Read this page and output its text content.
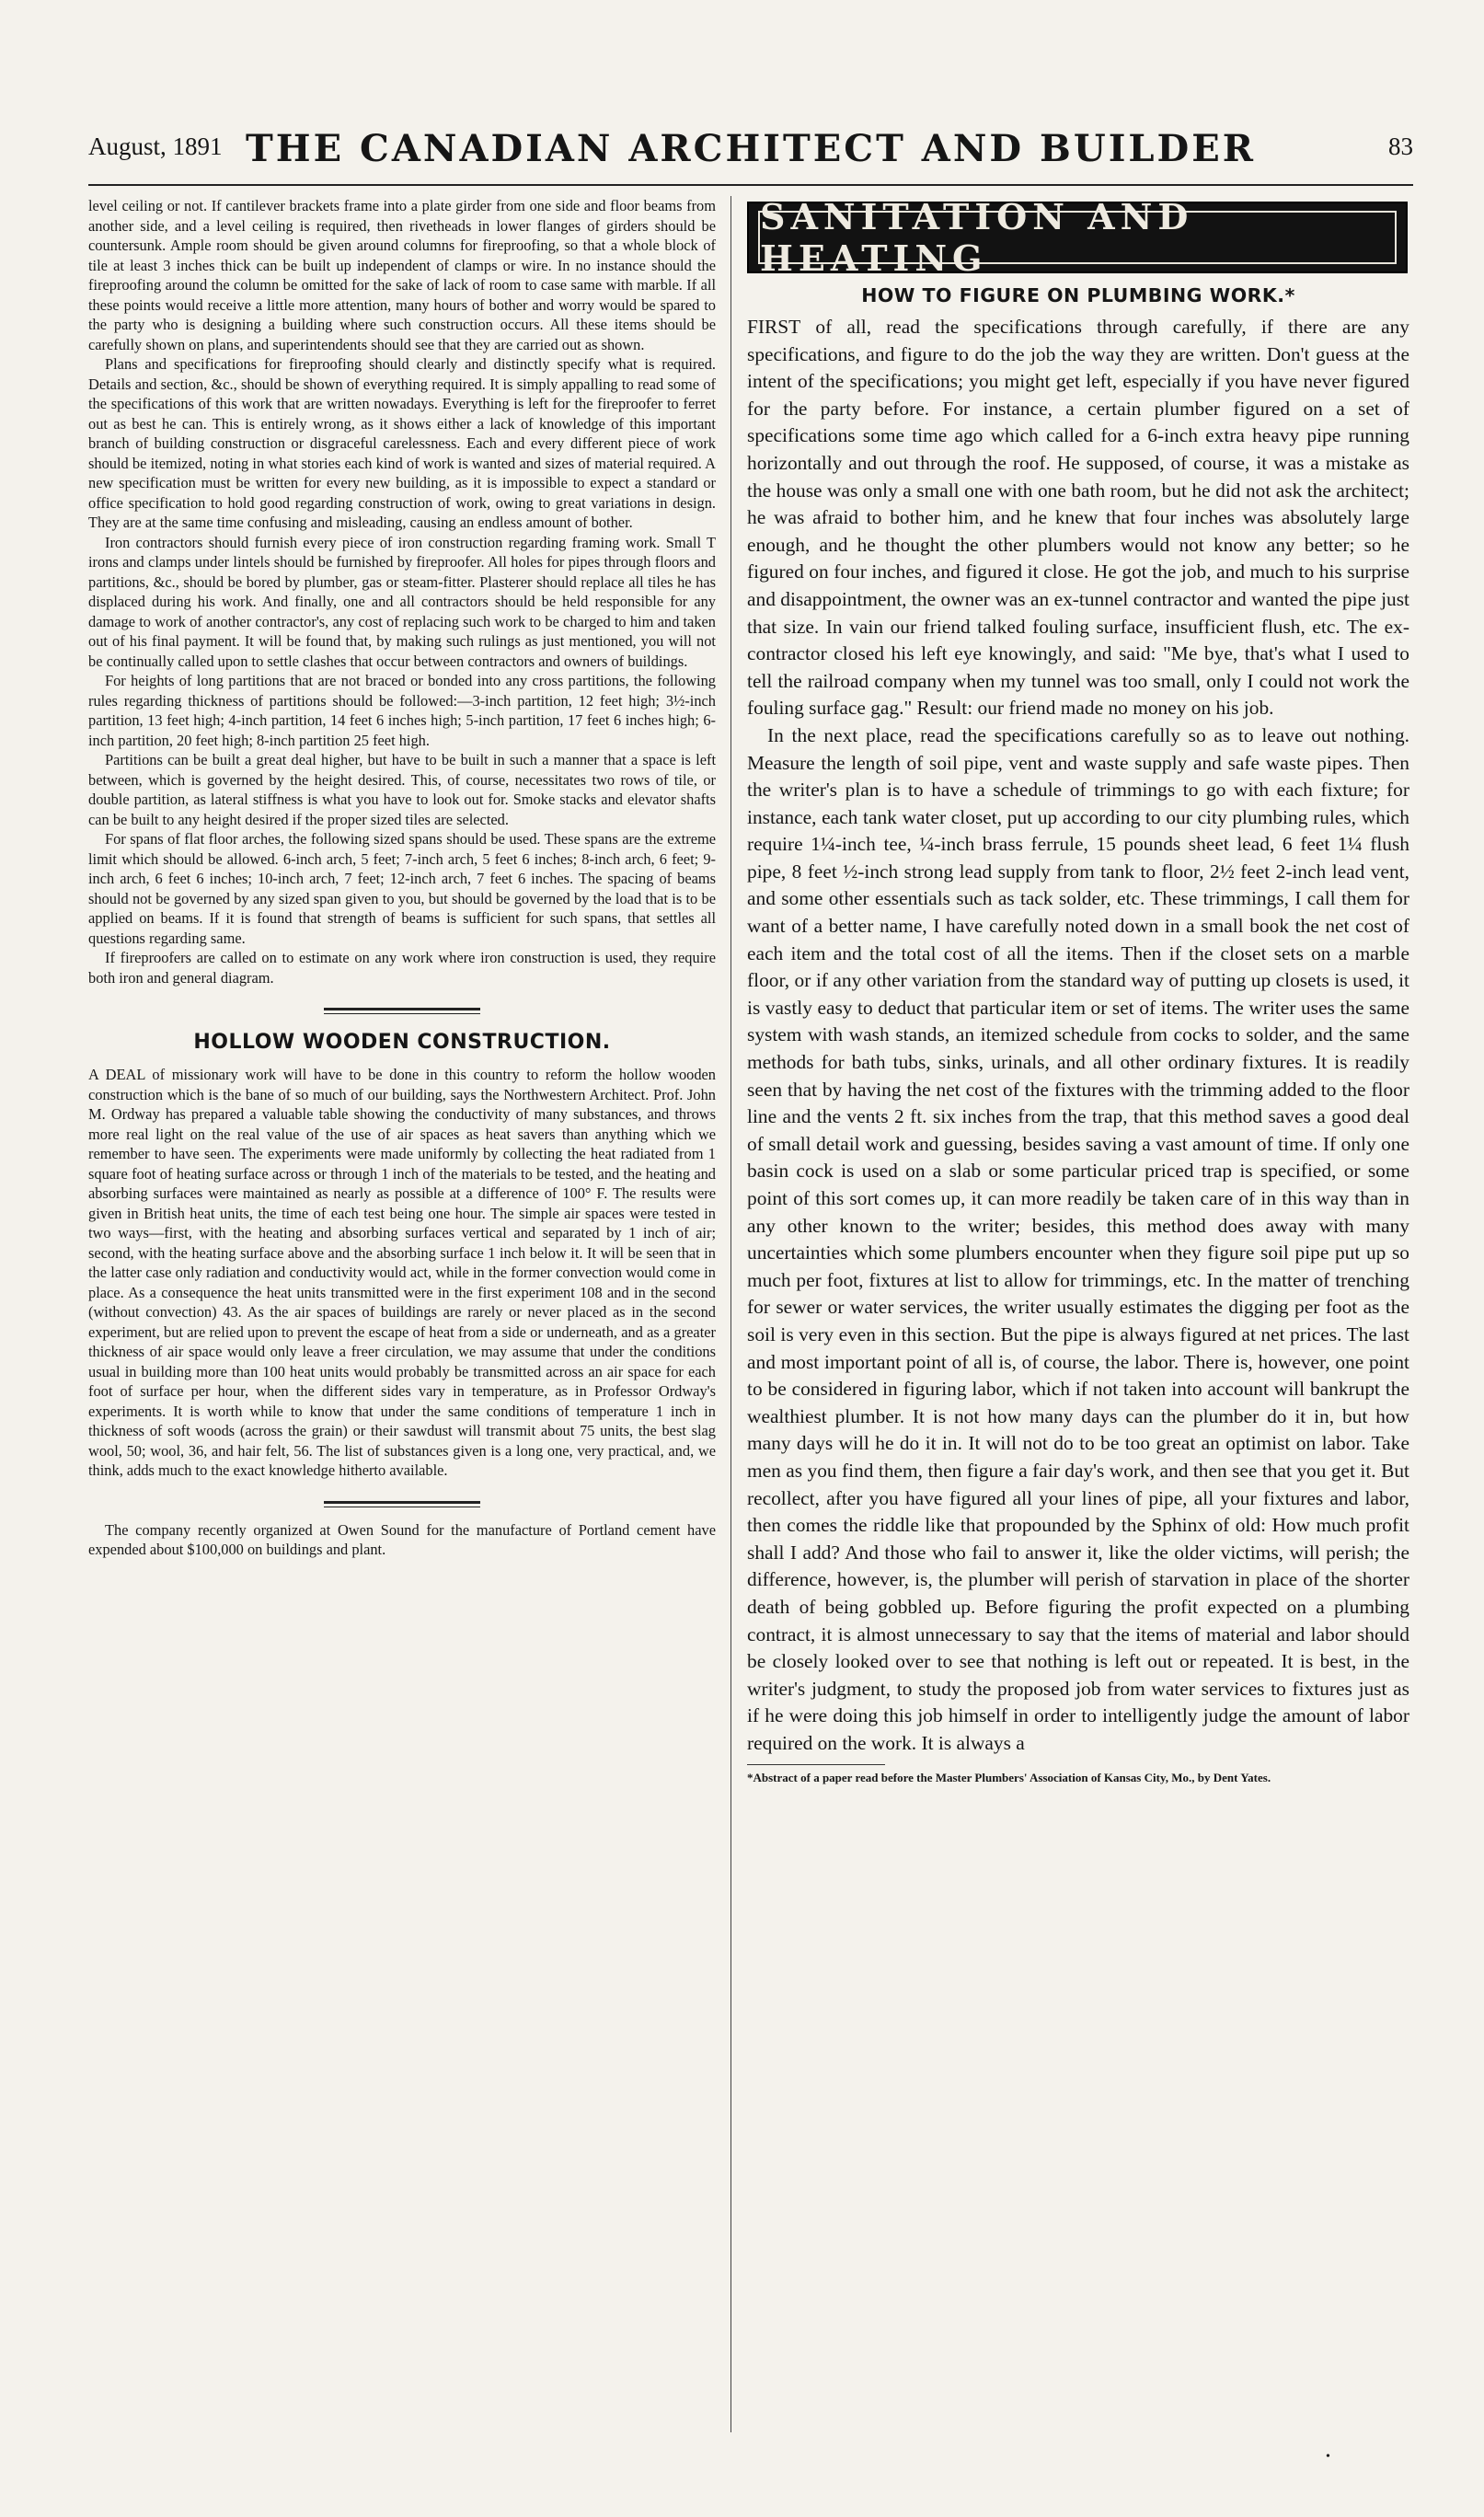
August, 1891 THE CANADIAN ARCHITECT AND BUILDER	83

level ceiling or not. If cantilever brackets frame into a plate girder from one side and floor beams from another side, and a level ceiling is required, then rivetheads in lower flanges of girders should be countersunk. Ample room should be given around columns for fireproofing, so that a whole block of tile at least 3 inches thick can be built up independent of clamps or wire. In no instance should the fireproofing around the column be omitted for the sake of lack of room to case same with marble. If all these points would receive a little more attention, many hours of bother and worry would be spared to the party who is designing a building where such construction occurs. All these items should be carefully shown on plans, and superintendents should see that they are carried out as shown.

Plans and specifications for fireproofing should clearly and distinctly specify what is required. Details and section, &c., should be shown of everything required. It is simply appalling to read some of the specifications of this work that are written nowadays. Everything is left for the fireproofer to ferret out as best he can. This is entirely wrong, as it shows either a lack of knowledge of this important branch of building construction or disgraceful carelessness. Each and every different piece of work should be itemized, noting in what stories each kind of work is wanted and sizes of material required. A new specification must be written for every new building, as it is impossible to expect a standard or office specification to hold good regarding construction of work, owing to great variations in design. They are at the same time confusing and misleading, causing an endless amount of bother.

Iron contractors should furnish every piece of iron construction regarding framing work. Small T irons and clamps under lintels should be furnished by fireproofer. All holes for pipes through floors and partitions, &c., should be bored by plumber, gas or steam-fitter. Plasterer should replace all tiles he has displaced during his work. And finally, one and all contractors should be held responsible for any damage to work of another contractor's, any cost of replacing such work to be charged to him and taken out of his final payment. It will be found that, by making such rulings as just mentioned, you will not be continually called upon to settle clashes that occur between contractors and owners of buildings.

For heights of long partitions that are not braced or bonded into any cross partitions, the following rules regarding thickness of partitions should be followed:—3-inch partition, 12 feet high; 3½-inch partition, 13 feet high; 4-inch partition, 14 feet 6 inches high; 5-inch partition, 17 feet 6 inches high; 6-inch partition, 20 feet high; 8-inch partition 25 feet high.

Partitions can be built a great deal higher, but have to be built in such a manner that a space is left between, which is governed by the height desired. This, of course, necessitates two rows of tile, or double partition, as lateral stiffness is what you have to look out for. Smoke stacks and elevator shafts can be built to any height desired if the proper sized tiles are selected.

For spans of flat floor arches, the following sized spans should be used. These spans are the extreme limit which should be allowed. 6-inch arch, 5 feet; 7-inch arch, 5 feet 6 inches; 8-inch arch, 6 feet; 9-inch arch, 6 feet 6 inches; 10-inch arch, 7 feet; 12-inch arch, 7 feet 6 inches. The spacing of beams should not be governed by any sized span given to you, but should be governed by the load that is to be applied on beams. If it is found that strength of beams is sufficient for such spans, that settles all questions regarding same.

If fireproofers are called on to estimate on any work where iron construction is used, they require both iron and general diagram.

HOLLOW WOODEN CONSTRUCTION.

A DEAL of missionary work will have to be done in this country to reform the hollow wooden construction which is the bane of so much of our building, says the Northwestern Architect. Prof. John M. Ordway has prepared a valuable table showing the conductivity of many substances, and throws more real light on the real value of the use of air spaces as heat savers than anything which we remember to have seen. The experiments were made uniformly by collecting the heat radiated from 1 square foot of heating surface across or through 1 inch of the materials to be tested, and the heating and absorbing surfaces were maintained as nearly as possible at a difference of 100° F. The results were given in British heat units, the time of each test being one hour. The simple air spaces were tested in two ways—first, with the heating and absorbing surfaces vertical and separated by 1 inch of air; second, with the heating surface above and the absorbing surface 1 inch below it. It will be seen that in the latter case only radiation and conductivity would act, while in the former convection would come in place. As a consequence the heat units transmitted were in the first experiment 108 and in the second (without convection) 43. As the air spaces of buildings are rarely or never placed as in the second experiment, but are relied upon to prevent the escape of heat from a side or underneath, and as a greater thickness of air space would only leave a freer circulation, we may assume that under the conditions usual in building more than 100 heat units would probably be transmitted across an air space for each foot of surface per hour, when the different sides vary in temperature, as in Professor Ordway's experiments. It is worth while to know that under the same conditions of temperature 1 inch in thickness of soft woods (across the grain) or their sawdust will transmit about 75 units, the best slag wool, 50; wool, 36, and hair felt, 56. The list of substances given is a long one, very practical, and, we think, adds much to the exact knowledge hitherto available.

The company recently organized at Owen Sound for the manufacture of Portland cement have expended about $100,000 on buildings and plant.

SANITATION AND HEATING
HOW TO FIGURE ON PLUMBING WORK.*

FIRST of all, read the specifications through carefully, if there are any specifications, and figure to do the job the way they are written. Don't guess at the intent of the specifications; you might get left, especially if you have never figured for the party before. For instance, a certain plumber figured on a set of specifications some time ago which called for a 6-inch extra heavy pipe running horizontally and out through the roof. He supposed, of course, it was a mistake as the house was only a small one with one bath room, but he did not ask the architect; he was afraid to bother him, and he knew that four inches was absolutely large enough, and he thought the other plumbers would not know any better; so he figured on four inches, and figured it close. He got the job, and much to his surprise and disappointment, the owner was an ex-tunnel contractor and wanted the pipe just that size. In vain our friend talked fouling surface, insufficient flush, etc. The ex-contractor closed his left eye knowingly, and said: "Me bye, that's what I used to tell the railroad company when my tunnel was too small, only I could not work the fouling surface gag." Result: our friend made no money on his job.

In the next place, read the specifications carefully so as to leave out nothing. Measure the length of soil pipe, vent and waste supply and safe waste pipes. Then the writer's plan is to have a schedule of trimmings to go with each fixture; for instance, each tank water closet, put up according to our city plumbing rules, which require 1¼-inch tee, ¼-inch brass ferrule, 15 pounds sheet lead, 6 feet 1¼ flush pipe, 8 feet ½-inch strong lead supply from tank to floor, 2½ feet 2-inch lead vent, and some other essentials such as tack solder, etc. These trimmings, I call them for want of a better name, I have carefully noted down in a small book the net cost of each item and the total cost of all the items. Then if the closet sets on a marble floor, or if any other variation from the standard way of putting up closets is used, it is vastly easy to deduct that particular item or set of items. The writer uses the same system with wash stands, an itemized schedule from cocks to solder, and the same methods for bath tubs, sinks, urinals, and all other ordinary fixtures. It is readily seen that by having the net cost of the fixtures with the trimming added to the floor line and the vents 2 ft. six inches from the trap, that this method saves a good deal of small detail work and guessing, besides saving a vast amount of time. If only one basin cock is used on a slab or some particular priced trap is specified, or some point of this sort comes up, it can more readily be taken care of in this way than in any other known to the writer; besides, this method does away with many uncertainties which some plumbers encounter when they figure soil pipe put up so much per foot, fixtures at list to allow for trimmings, etc. In the matter of trenching for sewer or water services, the writer usually estimates the digging per foot as the soil is very even in this section. But the pipe is always figured at net prices. The last and most important point of all is, of course, the labor. There is, however, one point to be considered in figuring labor, which if not taken into account will bankrupt the wealthiest plumber. It is not how many days can the plumber do it in, but how many days will he do it in. It will not do to be too great an optimist on labor. Take men as you find them, then figure a fair day's work, and then see that you get it. But recollect, after you have figured all your lines of pipe, all your fixtures and labor, then comes the riddle like that propounded by the Sphinx of old: How much profit shall I add? And those who fail to answer it, like the older victims, will perish; the difference, however, is, the plumber will perish of starvation in place of the shorter death of being gobbled up. Before figuring the profit expected on a plumbing contract, it is almost unnecessary to say that the items of material and labor should be closely looked over to see that nothing is left out or repeated. It is best, in the writer's judgment, to study the proposed job from water services to fixtures just as if he were doing this job himself in order to intelligently judge the amount of labor required on the work. It is always a

*Abstract of a paper read before the Master Plumbers' Association of Kansas City, Mo., by Dent Yates.
•
